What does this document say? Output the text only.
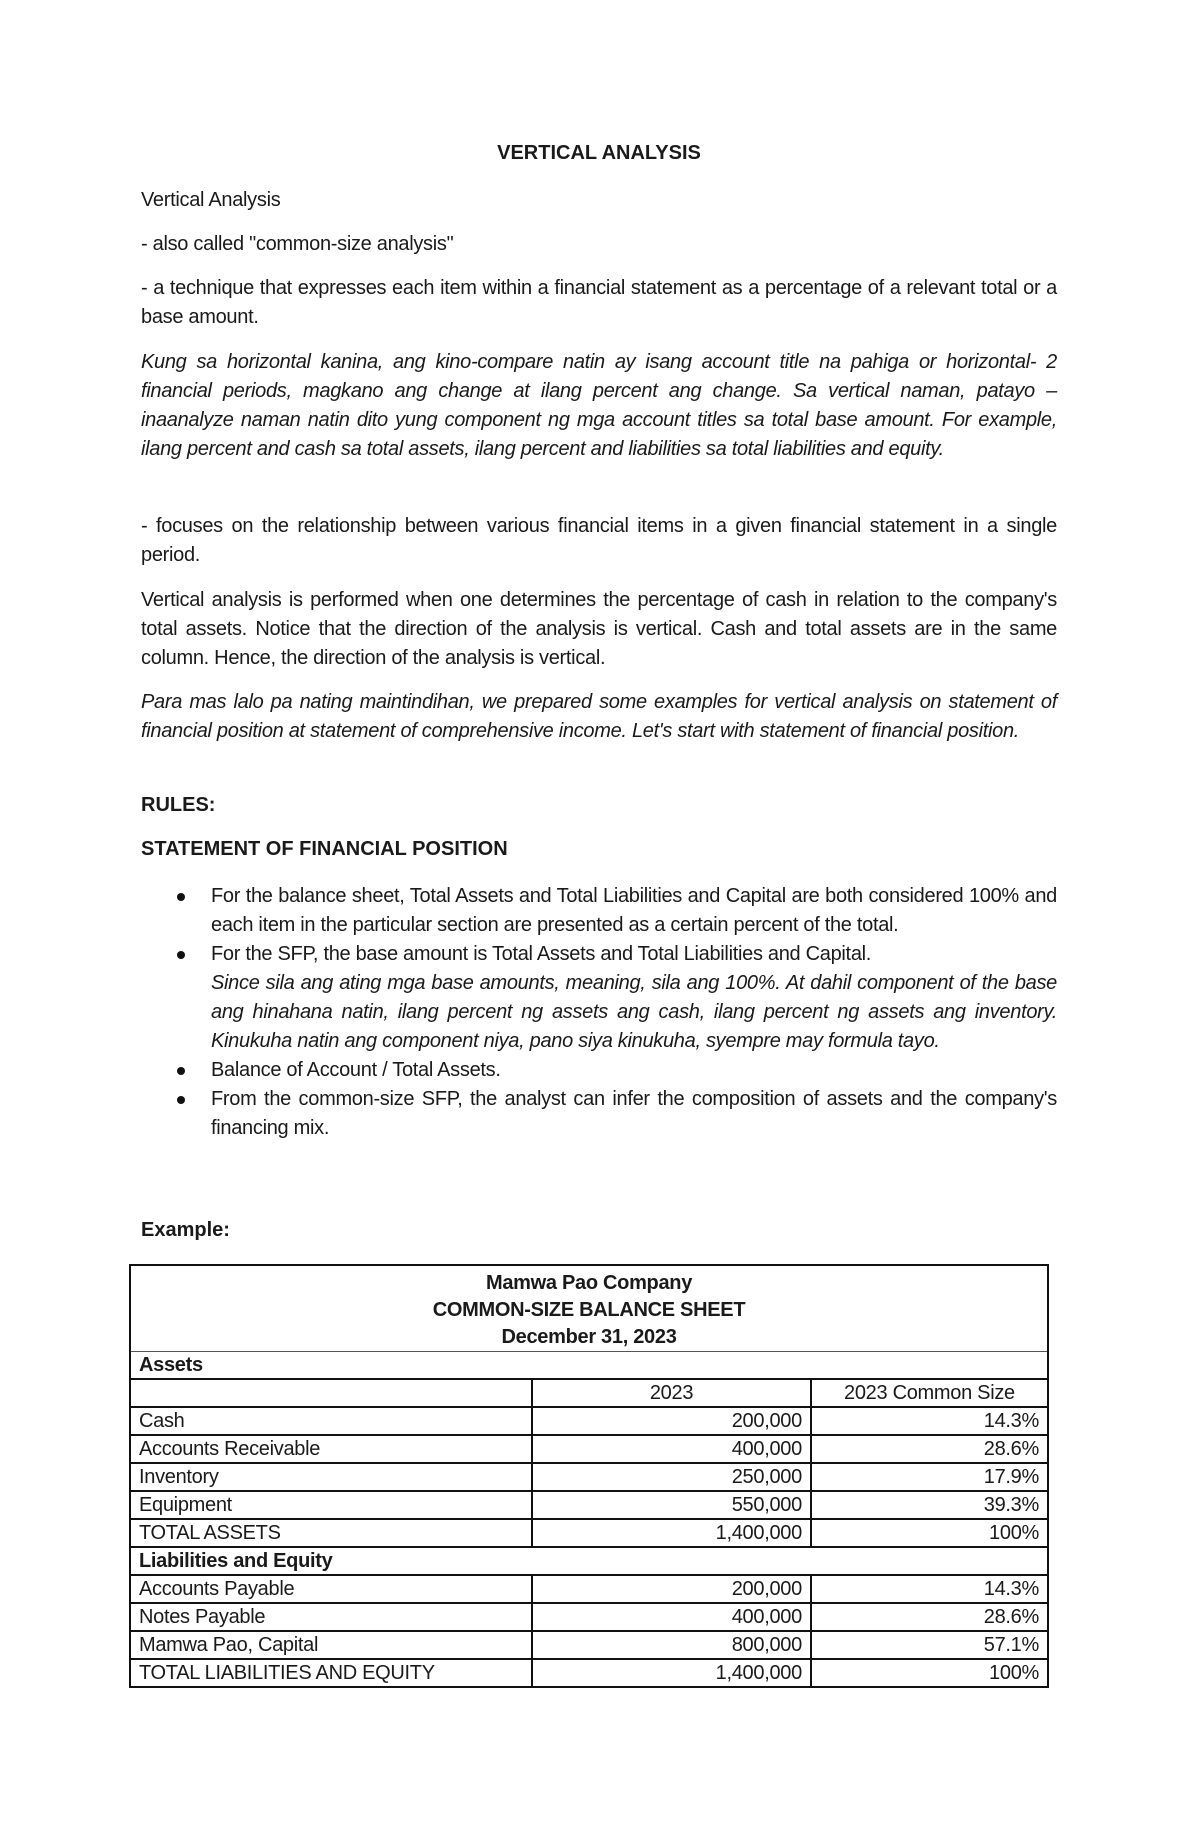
VERTICAL ANALYSIS

Vertical Analysis

- also called "common-size analysis"

- a technique that expresses each item within a financial statement as a percentage of a relevant total or a base amount.

Kung sa horizontal kanina, ang kino-compare natin ay isang account title na pahiga or horizontal- 2 financial periods, magkano ang change at ilang percent ang change. Sa vertical naman, patayo – inaanalyze naman natin dito yung component ng mga account titles sa total base amount. For example, ilang percent and cash sa total assets, ilang percent and liabilities sa total liabilities and equity.

- focuses on the relationship between various financial items in a given financial statement in a single period.

Vertical analysis is performed when one determines the percentage of cash in relation to the company's total assets. Notice that the direction of the analysis is vertical. Cash and total assets are in the same column. Hence, the direction of the analysis is vertical.

Para mas lalo pa nating maintindihan, we prepared some examples for vertical analysis on statement of financial position at statement of comprehensive income. Let's start with statement of financial position.

RULES:

STATEMENT OF FINANCIAL POSITION

For the balance sheet, Total Assets and Total Liabilities and Capital are both considered 100% and each item in the particular section are presented as a certain percent of the total.
For the SFP, the base amount is Total Assets and Total Liabilities and Capital.
Since sila ang ating mga base amounts, meaning, sila ang 100%. At dahil component of the base ang hinahana natin, ilang percent ng assets ang cash, ilang percent ng assets ang inventory. Kinukuha natin ang component niya, pano siya kinukuha, syempre may formula tayo.
Balance of Account / Total Assets.
From the common-size SFP, the analyst can infer the composition of assets and the company's financing mix.

Example:

Mamwa Pao Company
COMMON-SIZE BALANCE SHEET
December 31, 2023		

Assets		
	2023	2023 Common Size
Cash	200,000	14.3%
Accounts Receivable	400,000	28.6%
Inventory	250,000	17.9%
Equipment	550,000	39.3%
TOTAL ASSETS	1,400,000	100%
Liabilities and Equity		
Accounts Payable	200,000	14.3%
Notes Payable	400,000	28.6%
Mamwa Pao, Capital	800,000	57.1%
TOTAL LIABILITIES AND EQUITY	1,400,000	100%
